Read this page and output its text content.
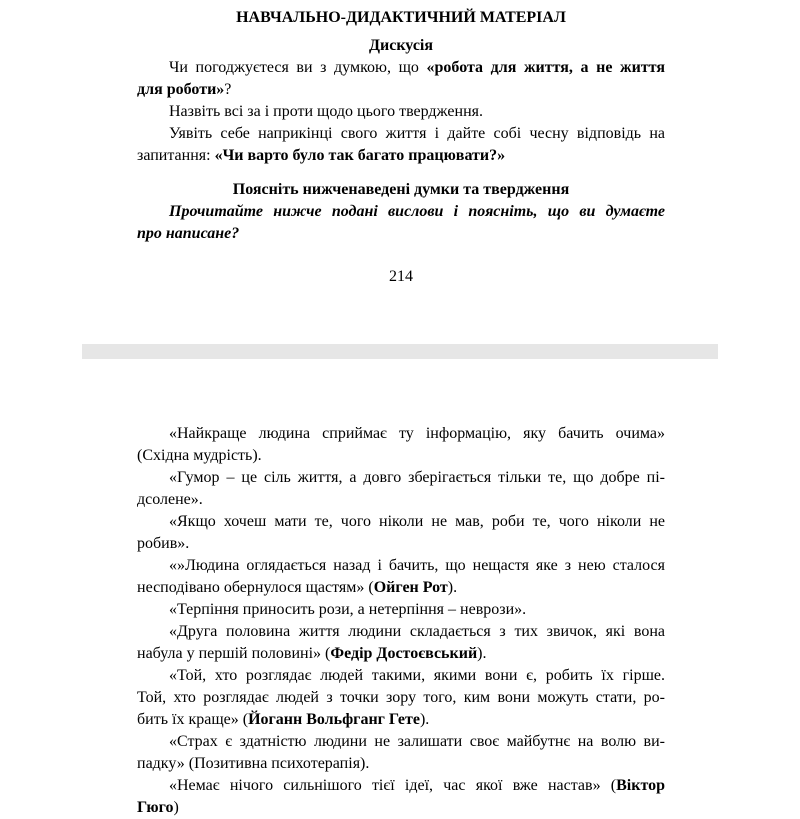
НАВЧАЛЬНО-ДИДАКТИЧНИЙ МАТЕРІАЛ
Дискусія
Чи погоджуєтеся ви з думкою, що «робота для життя, а не життя
для роботи»?
Назвіть всі за і проти щодо цього твердження.
Уявіть себе наприкінці свого життя і дайте собі чесну відповідь на
запитання: «Чи варто було так багато працювати?»
Поясніть нижченаведені думки та твердження
Прочитайте нижче подані вислови і поясніть, що ви думаєте
про написане?
214
«Найкраще людина сприймає ту інформацію, яку бачить очима»
(Східна мудрість).
«Гумор – це сіль життя, а довго зберігається тільки те, що добре пі-
дсолене».
«Якщо хочеш мати те, чого ніколи не мав, роби те, чого ніколи не
робив».
«»Людина оглядається назад і бачить, що нещастя яке з нею сталося
несподівано обернулося щастям» (Ойген Рот).
«Терпіння приносить рози, а нетерпіння – неврози».
«Друга половина життя людини складається з тих звичок, які вона
набула у першій половині» (Федір Достоєвський).
«Той, хто розглядає людей такими, якими вони є, робить їх гірше.
Той, хто розглядає людей з точки зору того, ким вони можуть стати, ро-
бить їх краще» (Йоганн Вольфганг Гете).
«Страх є здатністю людини не залишати своє майбутнє на волю ви-
падку» (Позитивна психотерапія).
«Немає нічого сильнішого тієї ідеї, час якої вже настав» (Віктор
Гюго)
